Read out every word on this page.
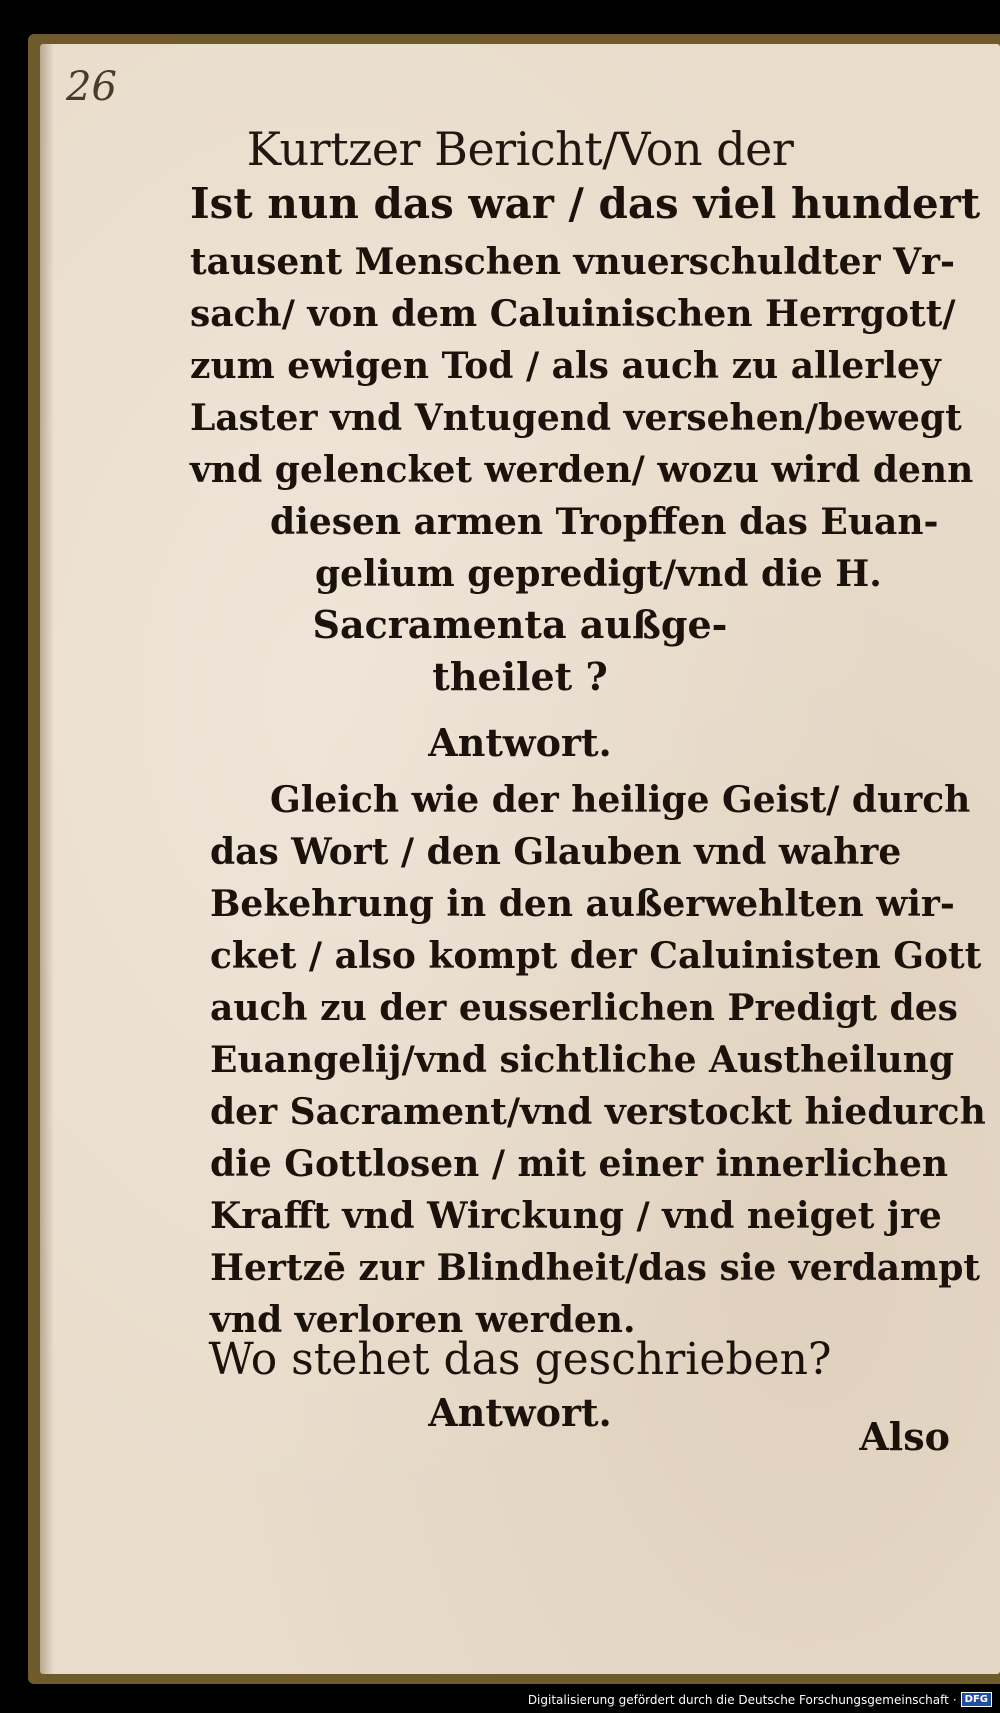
26
Kurtzer Bericht/Von der

Ist nun das war / das viel hundert
tausent Menschen vnuerschuldter Vr-
sach/ von dem Caluinischen Herrgott/
zum ewigen Tod / als auch zu allerley
Laster vnd Vntugend versehen/bewegt
vnd gelencket werden/ wozu wird denn
diesen armen Tropffen das Euan-
gelium gepredigt/vnd die H.
Sacramenta außge-
theilet ?
Antwort.
Gleich wie der heilige Geist/ durch
das Wort / den Glauben vnd wahre
Bekehrung in den außerwehlten wir-
cket / also kompt der Caluinisten Gott
auch zu der eusserlichen Predigt des
Euangelij/vnd sichtliche Austheilung
der Sacrament/vnd verstockt hiedurch
die Gottlosen / mit einer innerlichen
Krafft vnd Wirckung / vnd neiget jre
Hertzē zur Blindheit/das sie verdampt
vnd verloren werden.
Wo stehet das geschrieben?
Antwort.
Also
Digitalisierung gefördert durch die Deutsche Forschungsgemeinschaft · DFG
